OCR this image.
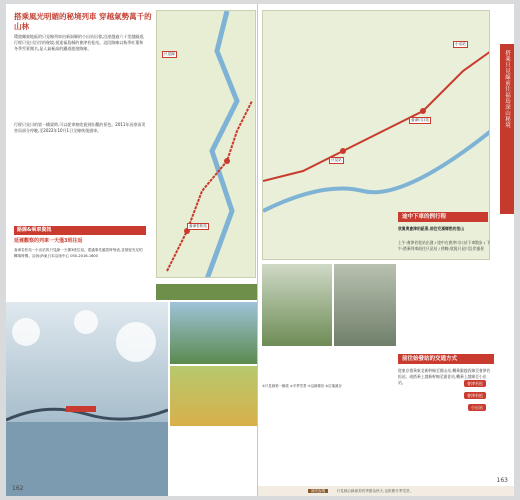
搭乘風光明媚的秘境列車 穿越氣勢萬千的山林
環遊關東地區的只見線列車由新潟縣的小出站出發,沿途越過六十里越隧道,行經只見川沿岸的秘境,抵達福島縣的會津若松站。這段路線以秋季紅葉和冬季雪景聞名,是人氣極高的鐵道旅遊路線。
行經只見川的第一橋梁時,可以從車窗欣賞到壯觀的景色。2011年因豪雨災害而部分停駛,至2022年10月1日全線恢復通車。
路線&乘車資訊
延遲觀察的列車一天僅3班往返
會津若松站~小出站的只見線一天僅3班往返。建議事先確認時刻表,並預留充足的轉乘時間。洽詢:JR東日本洽詢中心 050-2016-1600
只見線
會津若松站
162
只見站
會津川口站
小出站
搭乘只見線前往福島深山秘境
途中下車的例行程
欣賞奧會津的絕景,前往充滿鄉愁的里山
上午:會津若松站出發 / 途中在會津川口站下車散步 / 下午:搭乘列車前往只見站 / 傍晚:欣賞只見川沿岸風景
前往始發站的交通方式
從東京搭乘東北新幹線至郡山站,轉乘磐越西線至會津若松站。或搭乘上越新幹線至浦佐站,轉乘上越線至小出站。	會津若松
會津若松
小出站
①只見線第一橋梁 ②冬季雪景 ③沿線梯田 ④紅葉溪谷
補充說明	只見線沿線最美的季節為秋天,也推薦冬季雪景。
163
